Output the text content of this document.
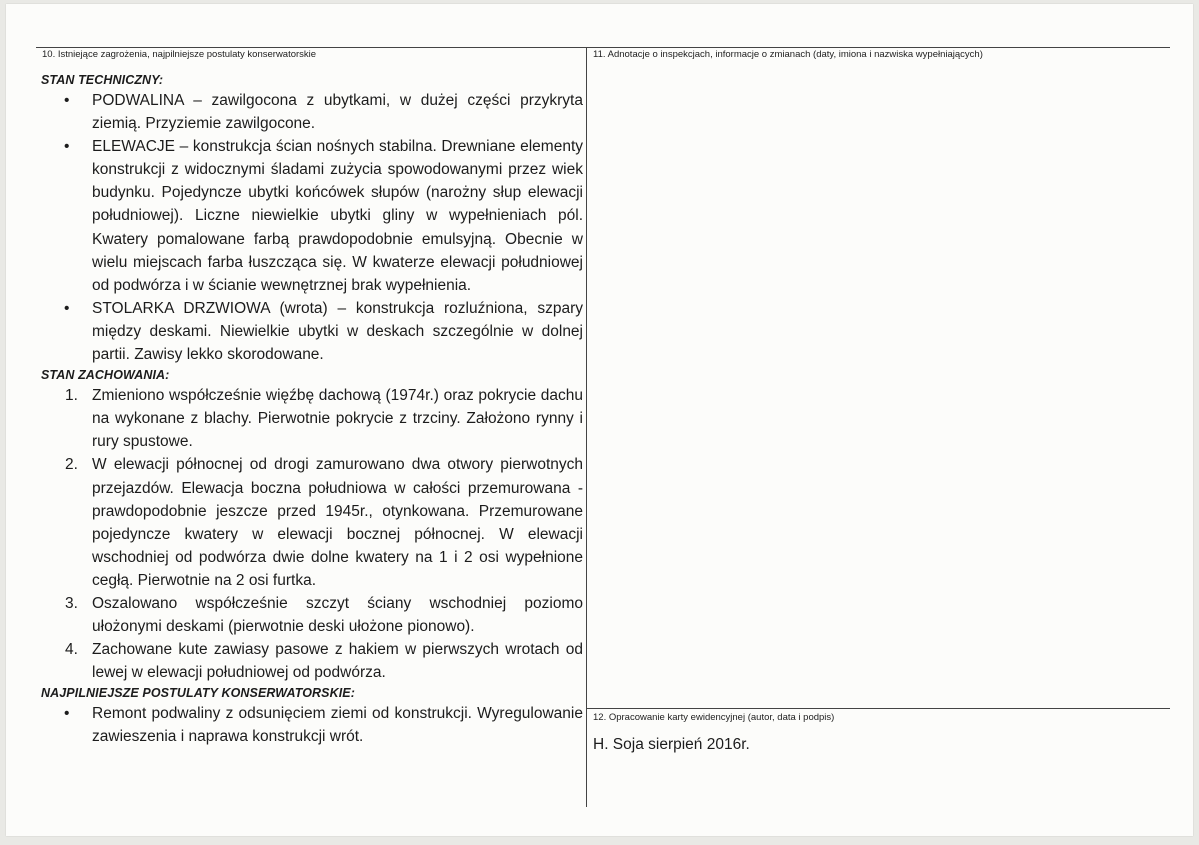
10. Istniejące zagrożenia, najpilniejsze postulaty konserwatorskie	11. Adnotacje o inspekcjach, informacje o zmianach (daty, imiona i nazwiska wypełniających)
12. Opracowanie karty ewidencyjnej (autor, data i podpis)
STAN TECHNICZNY:
• PODWALINA – zawilgocona z ubytkami, w dużej części przykryta ziemią. Przyziemie zawilgocone.
• ELEWACJE – konstrukcja ścian nośnych stabilna. Drewniane elementy konstrukcji z widocznymi śladami zużycia spowodowanymi przez wiek budynku. Pojedyncze ubytki końcówek słupów (narożny słup elewacji południowej). Liczne niewielkie ubytki gliny w wypełnieniach pól. Kwatery pomalowane farbą prawdopodobnie emulsyjną. Obecnie w wielu miejscach farba łuszcząca się. W kwaterze elewacji południowej od podwórza i w ścianie wewnętrznej brak wypełnienia.
• STOLARKA DRZWIOWA (wrota) – konstrukcja rozluźniona, szpary między deskami. Niewielkie ubytki w deskach szczególnie w dolnej partii. Zawisy lekko skorodowane.
STAN ZACHOWANIA:
1. Zmieniono współcześnie więźbę dachową (1974r.) oraz pokrycie dachu na wykonane z blachy. Pierwotnie pokrycie z trzciny. Założono rynny i rury spustowe.
2. W elewacji północnej od drogi zamurowano dwa otwory pierwotnych przejazdów. Elewacja boczna południowa w całości przemurowana - prawdopodobnie jeszcze przed 1945r., otynkowana. Przemurowane pojedyncze kwatery w elewacji bocznej północnej. W elewacji wschodniej od podwórza dwie dolne kwatery na 1 i 2 osi wypełnione cegłą. Pierwotnie na 2 osi furtka.
3. Oszalowano współcześnie szczyt ściany wschodniej poziomo ułożonymi deskami (pierwotnie deski ułożone pionowo).
4. Zachowane kute zawiasy pasowe z hakiem w pierwszych wrotach od lewej w elewacji południowej od podwórza.
NAJPILNIEJSZE POSTULATY KONSERWATORSKIE:
• Remont podwaliny z odsunięciem ziemi od konstrukcji. Wyregulowanie zawieszenia i naprawa konstrukcji wrót.	H. Soja sierpień 2016r.
